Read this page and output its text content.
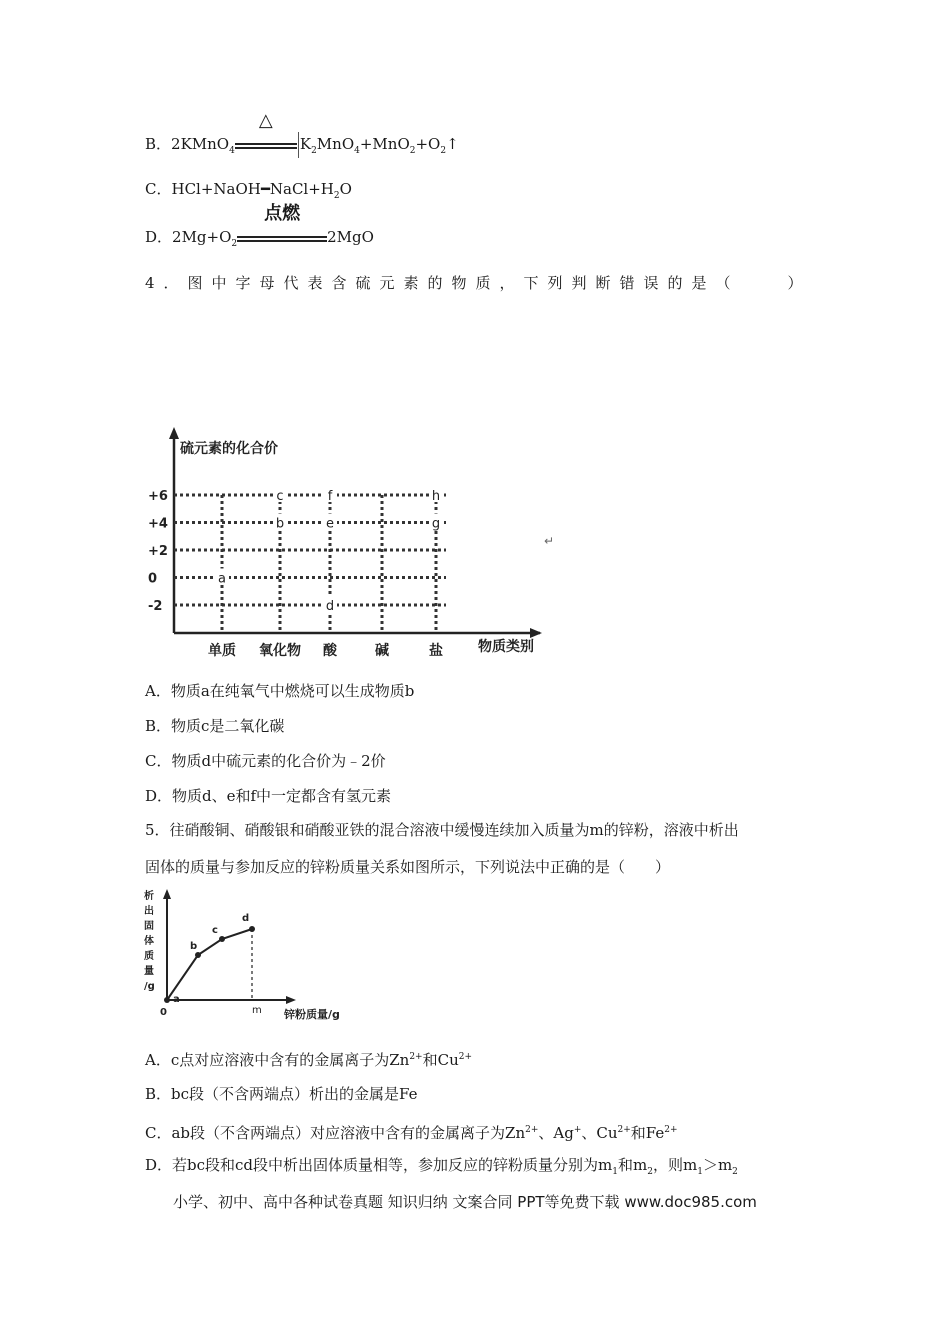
B．2KMnO$_4$
△
$K_2MnO_4+MnO_2+O_2↑$
C．$HCl+NaOH━NaCl+H_2O$
D．$2Mg+O_2$
点燃
2MgO
4．图中字母代表含硫元素的物质，下列判断错误的是（　　）
硫元素的化合价
物质类别
+6
+4
+2
0
-2
单质 氧化物 酸	碱	盐
a
b
c
d
e
f
g
h
↵
A．物质a在纯氧气中燃烧可以生成物质b
B．物质c是二氧化碳
C．物质d中硫元素的化合价为﹣2价
D．物质d、e和f中一定都含有氢元素
5．往硝酸铜、硝酸银和硝酸亚铁的混合溶液中缓慢连续加入质量为m的锌粉，溶液中析出
固体的质量与参加反应的锌粉质量关系如图所示，下列说法中正确的是（　　）
析
出
固
体
质
量
/g
0	m 锌粉质量/g
a
b
c
d
A．c点对应溶液中含有的金属离子为$Zn^{2+}$和$Cu^{2+}$
B．bc段（不含两端点）析出的金属是Fe
C．ab段（不含两端点）对应溶液中含有的金属离子为$Zn^{2+}$、Ag+、$Cu^{2+}$和$Fe^{2+}$
D．若bc段和cd段中析出固体质量相等，参加反应的锌粉质量分别为$m_1$和$m_2$，则$m_1>m_2$
小学、初中、高中各种试卷真题 知识归纳 文案合同 PPT等免费下载 www.doc985.com
